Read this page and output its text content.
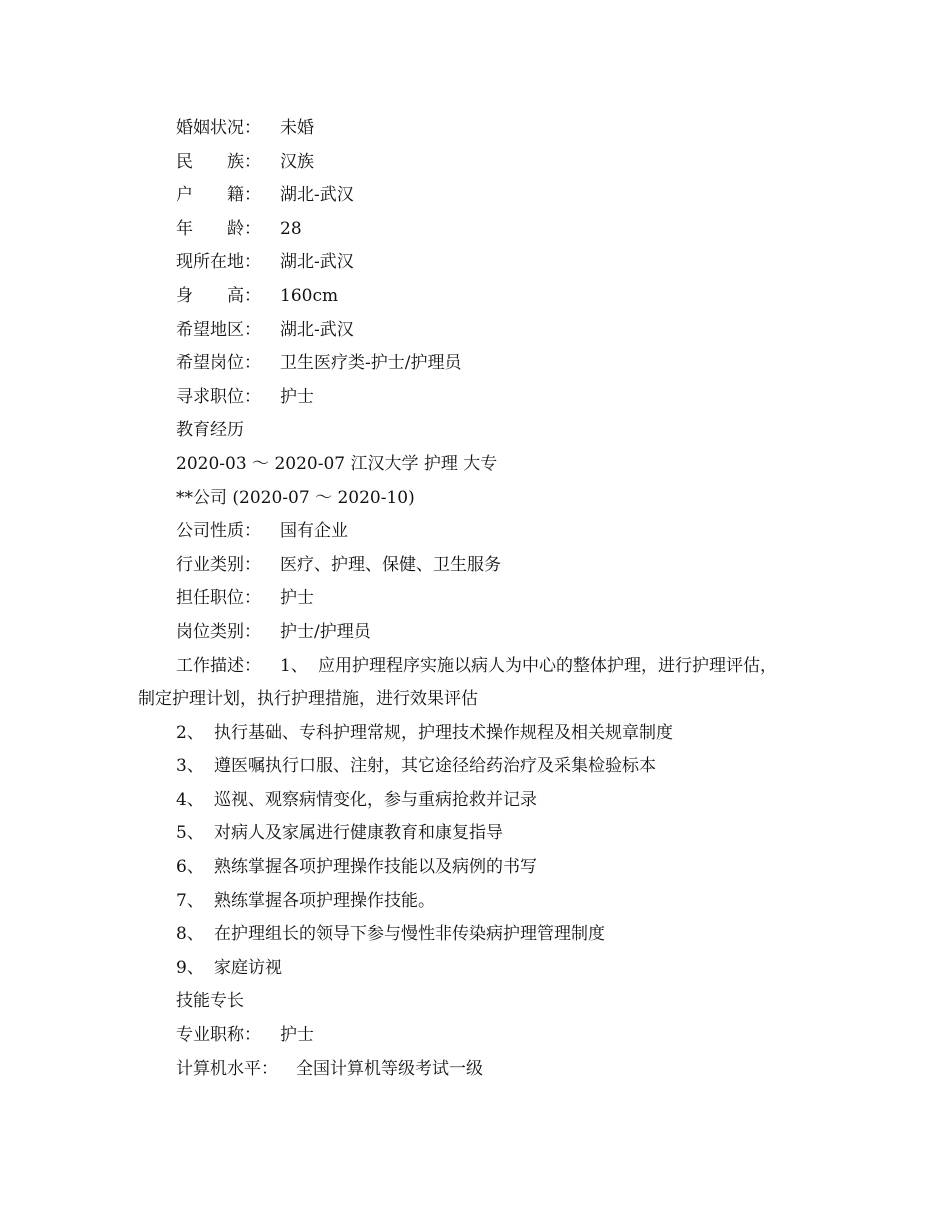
婚姻状况： 未婚
民　　族： 汉族
户　　籍： 湖北-武汉
年　　龄： 28
现所在地： 湖北-武汉
身　　高： 160cm
希望地区： 湖北-武汉
希望岗位： 卫生医疗类-护士/护理员
寻求职位： 护士
教育经历
2020-03 ～ 2020-07 江汉大学 护理 大专
**公司 (2020-07 ～ 2020-10)
公司性质： 国有企业
行业类别： 医疗、护理、保健、卫生服务
担任职位： 护士
岗位类别： 护士/护理员
工作描述： 1、 应用护理程序实施以病人为中心的整体护理，进行护理评估，
制定护理计划，执行护理措施，进行效果评估
2、 执行基础、专科护理常规，护理技术操作规程及相关规章制度
3、 遵医嘱执行口服、注射，其它途径给药治疗及采集检验标本
4、 巡视、观察病情变化，参与重病抢救并记录
5、 对病人及家属进行健康教育和康复指导
6、 熟练掌握各项护理操作技能以及病例的书写
7、 熟练掌握各项护理操作技能。
8、 在护理组长的领导下参与慢性非传染病护理管理制度
9、 家庭访视
技能专长
专业职称： 护士
计算机水平： 全国计算机等级考试一级
